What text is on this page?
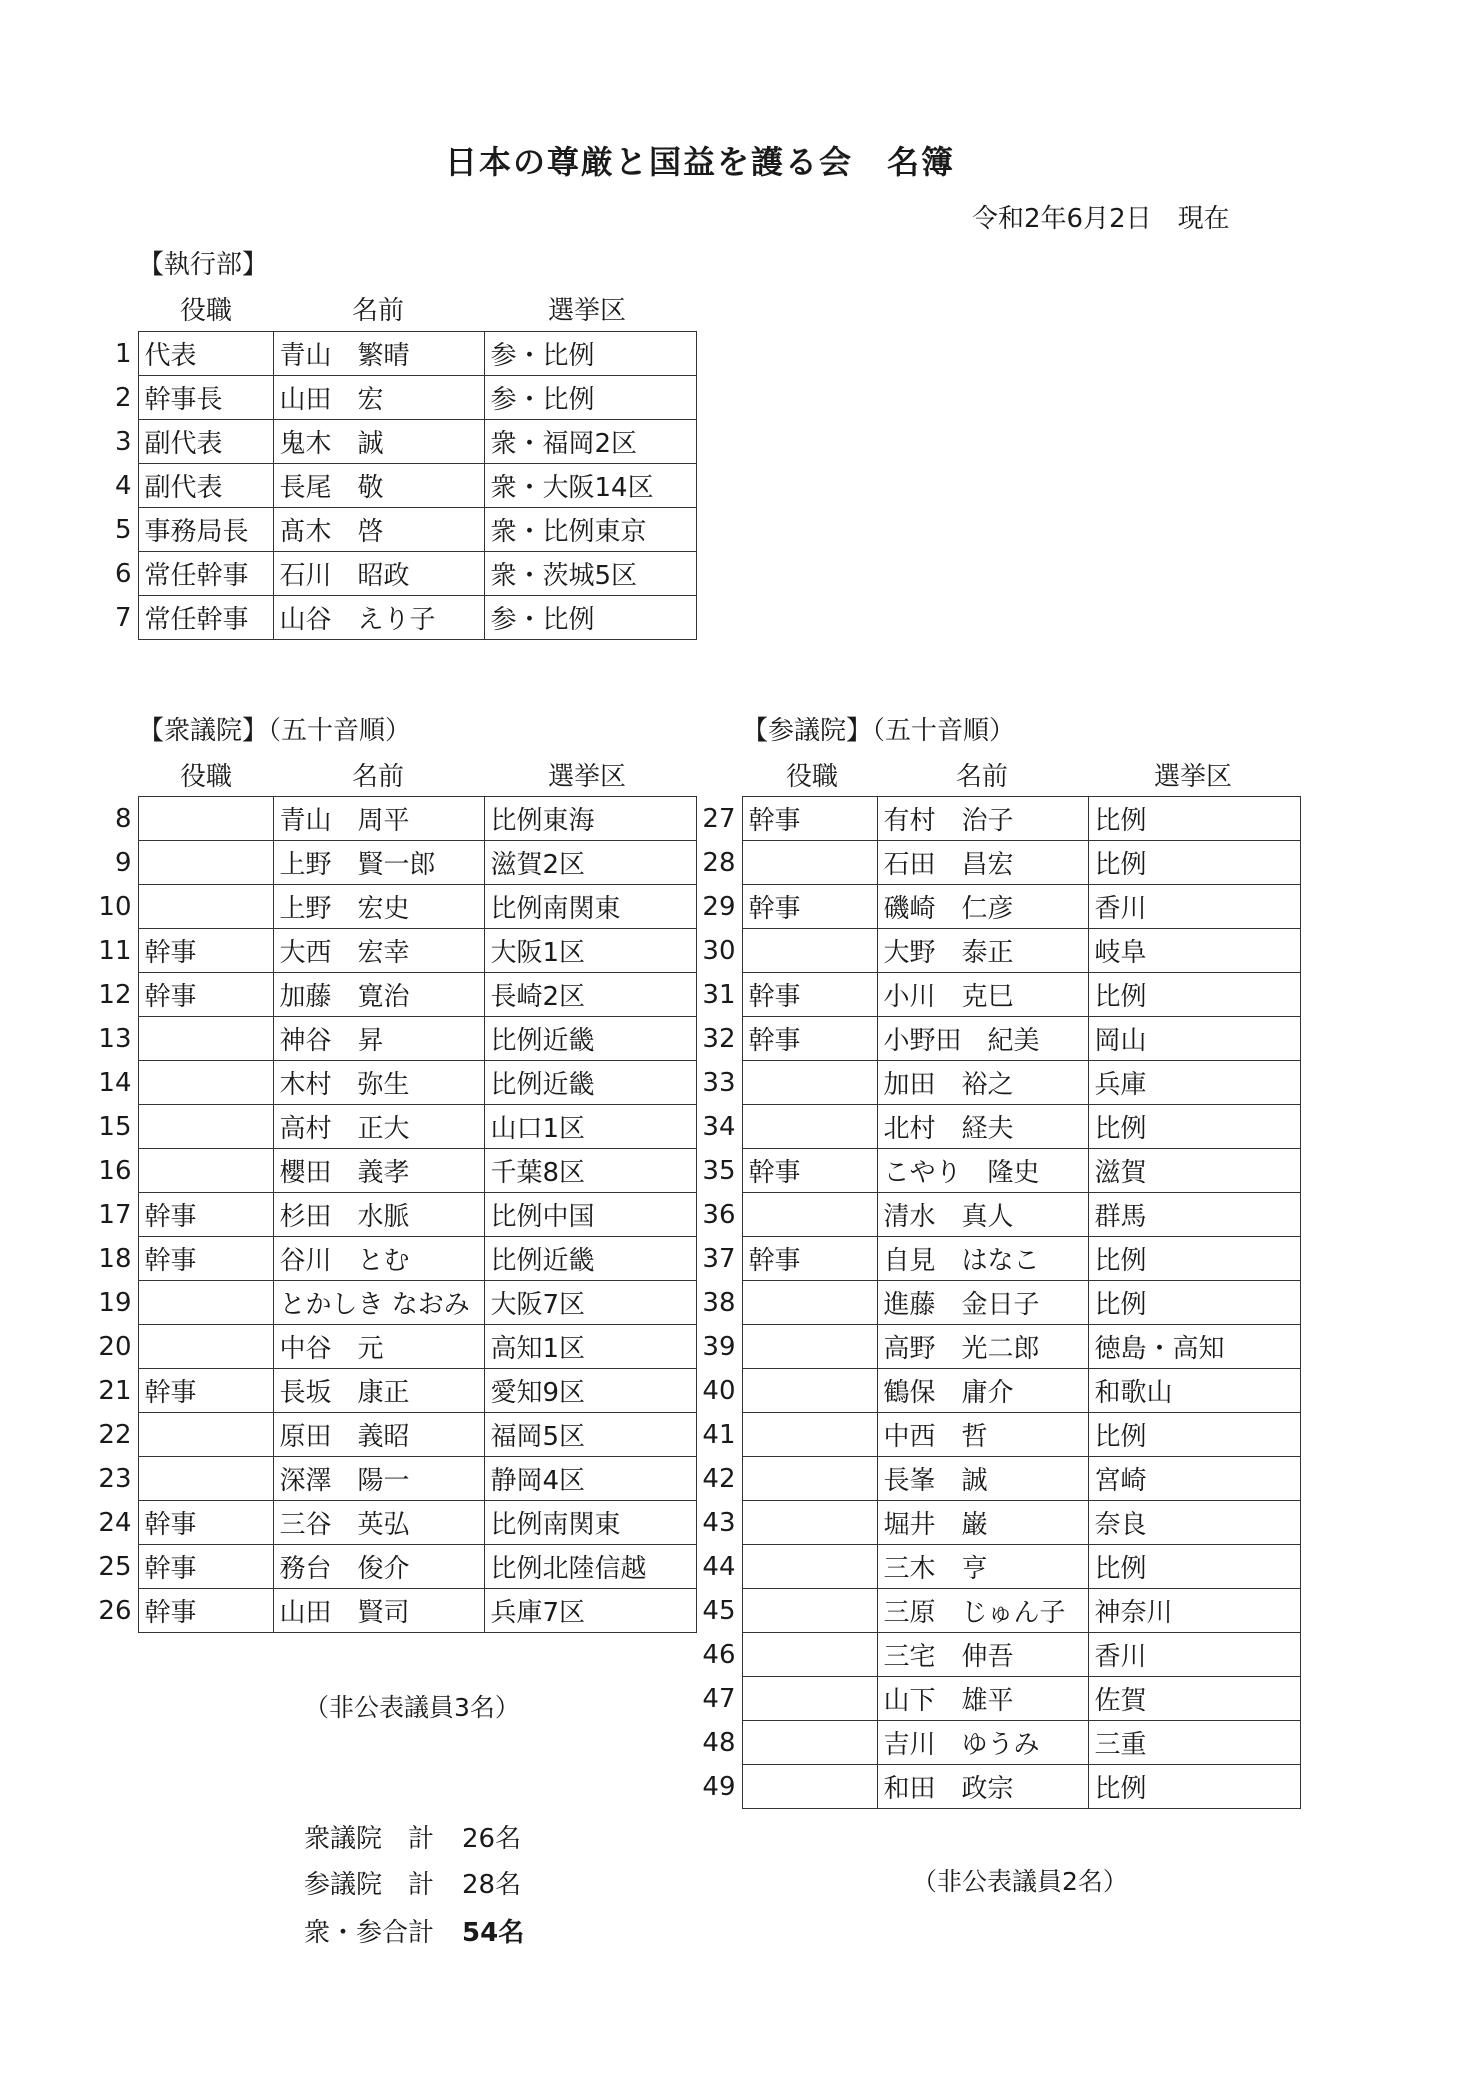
日本の尊厳と国益を護る会　名簿
令和2年6月2日　現在
【執行部】
役職	名前	選挙区
1	代表	青山　繁晴	参・比例
2	幹事長	山田　宏	参・比例
3	副代表	鬼木　誠	衆・福岡2区
4	副代表	長尾　敬	衆・大阪14区
5	事務局長	髙木　啓	衆・比例東京
6	常任幹事	石川　昭政	衆・茨城5区
7	常任幹事	山谷　えり子	参・比例
【衆議院】（五十音順）
役職	名前	選挙区
8		青山　周平	比例東海
9		上野　賢一郎	滋賀2区
10		上野　宏史	比例南関東
11	幹事	大西　宏幸	大阪1区
12	幹事	加藤　寛治	長崎2区
13		神谷　昇	比例近畿
14		木村　弥生	比例近畿
15		高村　正大	山口1区
16		櫻田　義孝	千葉8区
17	幹事	杉田　水脈	比例中国
18	幹事	谷川　とむ	比例近畿
19		とかしき なおみ	大阪7区
20		中谷　元	高知1区
21	幹事	長坂　康正	愛知9区
22		原田　義昭	福岡5区
23		深澤　陽一	静岡4区
24	幹事	三谷　英弘	比例南関東
25	幹事	務台　俊介	比例北陸信越
26	幹事	山田　賢司	兵庫7区
（非公表議員3名）
【参議院】（五十音順）
役職	名前	選挙区
27	幹事	有村　治子	比例
28		石田　昌宏	比例
29	幹事	磯崎　仁彦	香川
30		大野　泰正	岐阜
31	幹事	小川　克巳	比例
32	幹事	小野田　紀美	岡山
33		加田　裕之	兵庫
34		北村　経夫	比例
35	幹事	こやり　隆史	滋賀
36		清水　真人	群馬
37	幹事	自見　はなこ	比例
38		進藤　金日子	比例
39		高野　光二郎	徳島・高知
40		鶴保　庸介	和歌山
41		中西　哲	比例
42		長峯　誠	宮崎
43		堀井　巌	奈良
44		三木　亨	比例
45		三原　じゅん子	神奈川
46		三宅　伸吾	香川
47		山下　雄平	佐賀
48		吉川　ゆうみ	三重
49		和田　政宗	比例
（非公表議員2名）
衆議院　計 26名
参議院　計 28名
衆・参合計 54名
